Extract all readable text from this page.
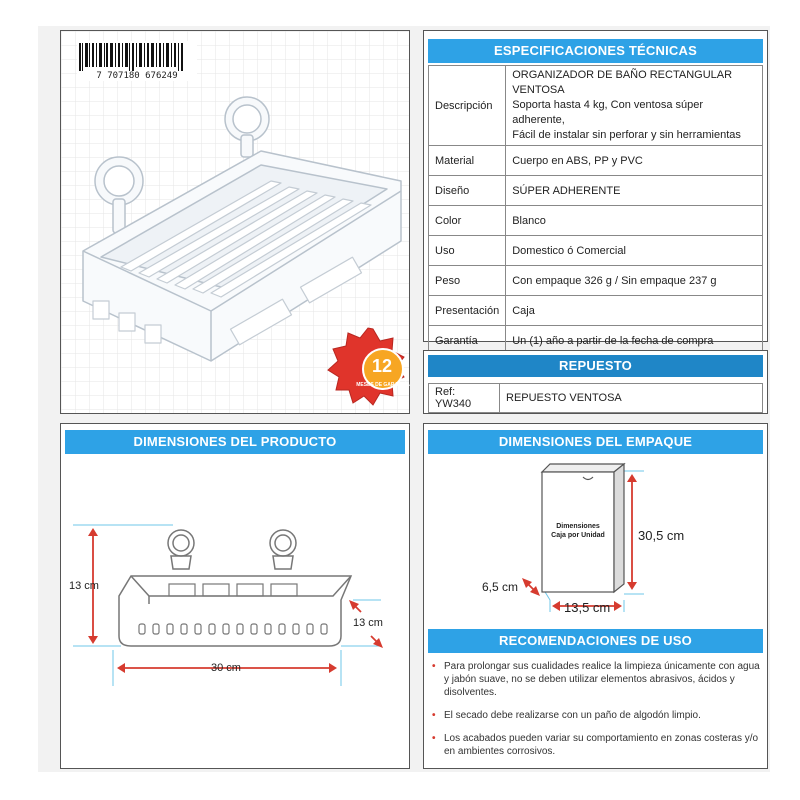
7 707180 676249
12
MESES DE GARANTÍA
ESPECIFICACIONES TÉCNICAS
Descripción	ORGANIZADOR DE BAÑO RECTANGULAR VENTOSA
Soporta hasta 4 kg, Con ventosa súper adherente,
Fácil de instalar sin perforar y sin herramientas

Material	Cuerpo en ABS, PP y PVC
Diseño	SÚPER ADHERENTE
Color	Blanco
Uso	Domestico ó Comercial
Peso	Con empaque 326 g / Sin empaque 237 g
Presentación	Caja
Garantía	Un (1) año a partir de la fecha de compra
REPUESTO
Ref: YW340	REPUESTO VENTOSA
DIMENSIONES DEL PRODUCTO
13 cm
13 cm
30 cm
DIMENSIONES DEL EMPAQUE
Dimensiones Caja por Unidad	30,5 cm
6,5 cm
13,5 cm
RECOMENDACIONES DE USO
• Para prolongar sus cualidades realice la limpieza únicamente con agua y jabón suave, no se deben utilizar elementos abrasivos, ácidos y disolventes.
• El secado debe realizarse con un paño de algodón limpio.
• Los acabados pueden variar su comportamiento en zonas costeras y/o en ambientes corrosivos.
